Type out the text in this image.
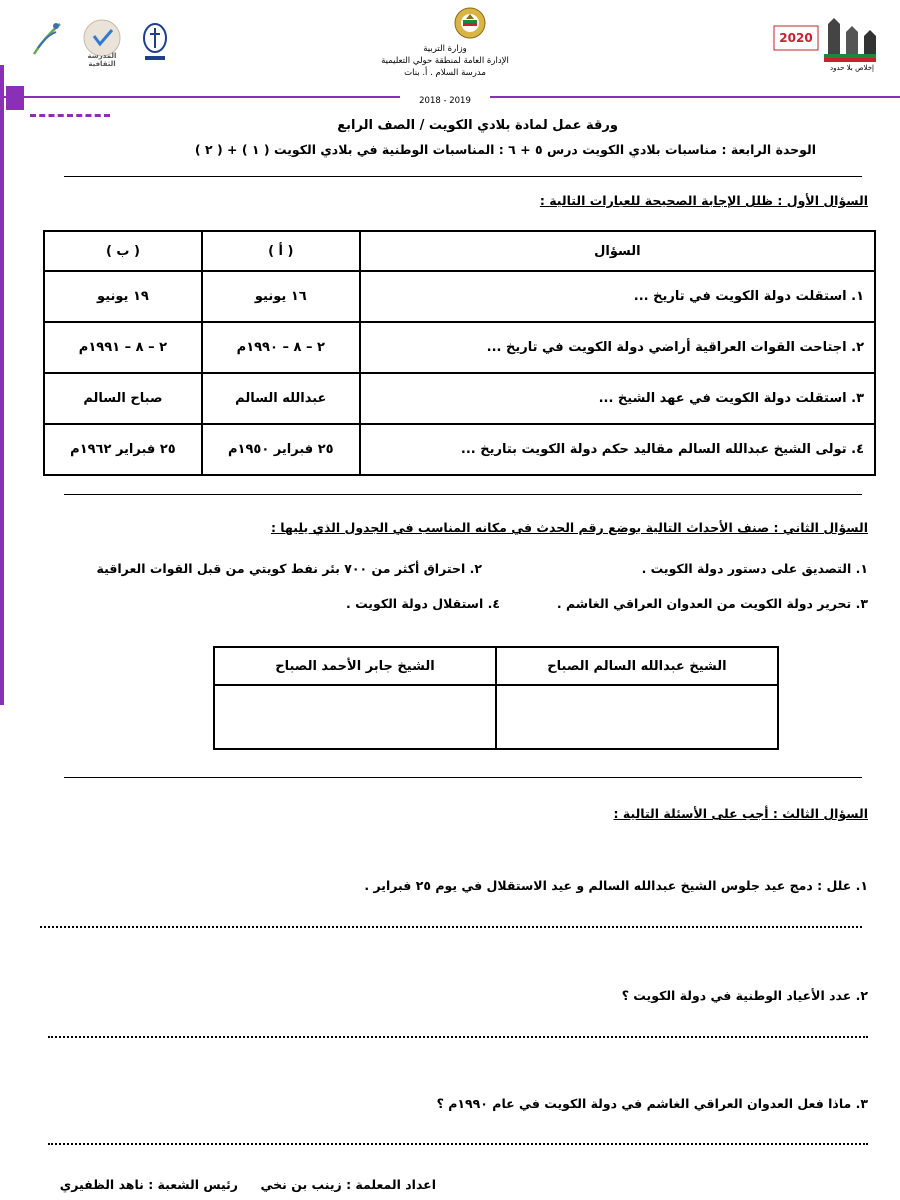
المدرسة الثقافية
وزارة التربية
الإدارة العامة لمنطقة حولي التعليمية
مدرسة السلام . أ. بنات
2018 - 2019
2020
إخلاص بلا حدود
ورقة عمل لمادة بلادي الكويت / الصف الرابع
الوحدة الرابعة : مناسبات بلادي الكويت درس ٥ + ٦ : المناسبات الوطنية في بلادي الكويت ( ١ ) + ( ٢ )
السؤال الأول : ظلل الإجابة الصحيحة للعبارات التالية :
السؤال	( أ )	( ب )
١. استقلت دولة الكويت في تاريخ ...	١٦ يونيو	١٩ يونيو
٢. اجتاحت القوات العراقية أراضي دولة الكويت في تاريخ ...	٢ – ٨ – ١٩٩٠م	٢ – ٨ – ١٩٩١م
٣. استقلت دولة الكويت في عهد الشيخ ...	عبدالله السالم	صباح السالم
٤. تولى الشيخ عبدالله السالم مقاليد حكم دولة الكويت بتاريخ ...	٢٥ فبراير ١٩٥٠م	٢٥ فبراير ١٩٦٢م
السؤال الثاني : صنف الأحداث التالية بوضع رقم الحدث في مكانه المناسب في الجدول الذي يليها :
١. التصديق على دستور دولة الكويت .
٢. احتراق أكثر من ٧٠٠ بئر نفط كويتي من قبل القوات العراقية
٣. تحرير دولة الكويت من العدوان العراقي الغاشم .
٤. استقلال دولة الكويت .
الشيخ عبدالله السالم الصباح	الشيخ جابر الأحمد الصباح

السؤال الثالث : أجب على الأسئلة التالية :
١. علل : دمج عيد جلوس الشيخ عبدالله السالم و عيد الاستقلال في يوم ٢٥ فبراير .
٢. عدد الأعياد الوطنية في دولة الكويت ؟
٣. ماذا فعل العدوان العراقي الغاشم في دولة الكويت في عام ١٩٩٠م ؟
اعداد المعلمة : زينب بن نخي
رئيس الشعبة : ناهد الظفيري
